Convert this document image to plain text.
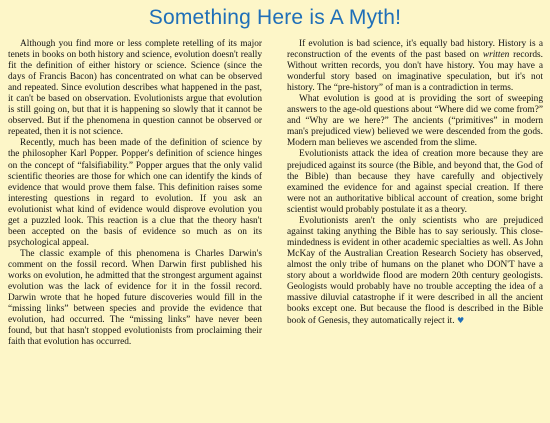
Something Here is A Myth!

Although you find more or less complete retelling of its major tenets in books on both history and science, evolution doesn't really fit the definition of either history or science. Science (since the days of Francis Bacon) has concentrated on what can be observed and repeated. Since evolution describes what happened in the past, it can't be based on observation. Evolutionists argue that evolution is still going on, but that it is happening so slowly that it cannot be observed. But if the phenomena in question cannot be observed or repeated, then it is not science.

Recently, much has been made of the definition of science by the philosopher Karl Popper. Popper's definition of science hinges on the concept of “falsifiability.” Popper argues that the only valid scientific theories are those for which one can identify the kinds of evidence that would prove them false. This definition raises some interesting questions in regard to evolution. If you ask an evolutionist what kind of evidence would disprove evolution you get a puzzled look. This reaction is a clue that the theory hasn't been accepted on the basis of evidence so much as on its psychological appeal.

The classic example of this phenomena is Charles Darwin's comment on the fossil record. When Darwin first published his works on evolution, he admitted that the strongest argument against evolution was the lack of evidence for it in the fossil record. Darwin wrote that he hoped future discoveries would fill in the “missing links” between species and provide the evidence that evolution, had occurred. The “missing links” have never been found, but that hasn't stopped evolutionists from proclaiming their faith that evolution has occurred.

If evolution is bad science, it's equally bad history. History is a reconstruction of the events of the past based on written records. Without written records, you don't have history. You may have a wonderful story based on imaginative speculation, but it's not history. The “pre-history” of man is a contradiction in terms.

What evolution is good at is providing the sort of sweeping answers to the age-old questions about “Where did we come from?” and “Why are we here?” The ancients (“primitives” in modern man's prejudiced view) believed we were descended from the gods. Modern man believes we ascended from the slime.

Evolutionists attack the idea of creation more because they are prejudiced against its source (the Bible, and beyond that, the God of the Bible) than because they have carefully and objectively examined the evidence for and against special creation. If there were not an authoritative biblical account of creation, some bright scientist would probably postulate it as a theory.

Evolutionists aren't the only scientists who are prejudiced against taking anything the Bible has to say seriously. This close-mindedness is evident in other academic specialties as well. As John McKay of the Australian Creation Research Society has observed, almost the only tribe of humans on the planet who DON'T have a story about a worldwide flood are modern 20th century geologists. Geologists would probably have no trouble accepting the idea of a massive diluvial catastrophe if it were described in all the ancient books except one. But because the flood is described in the Bible book of Genesis, they automatically reject it. ♥
